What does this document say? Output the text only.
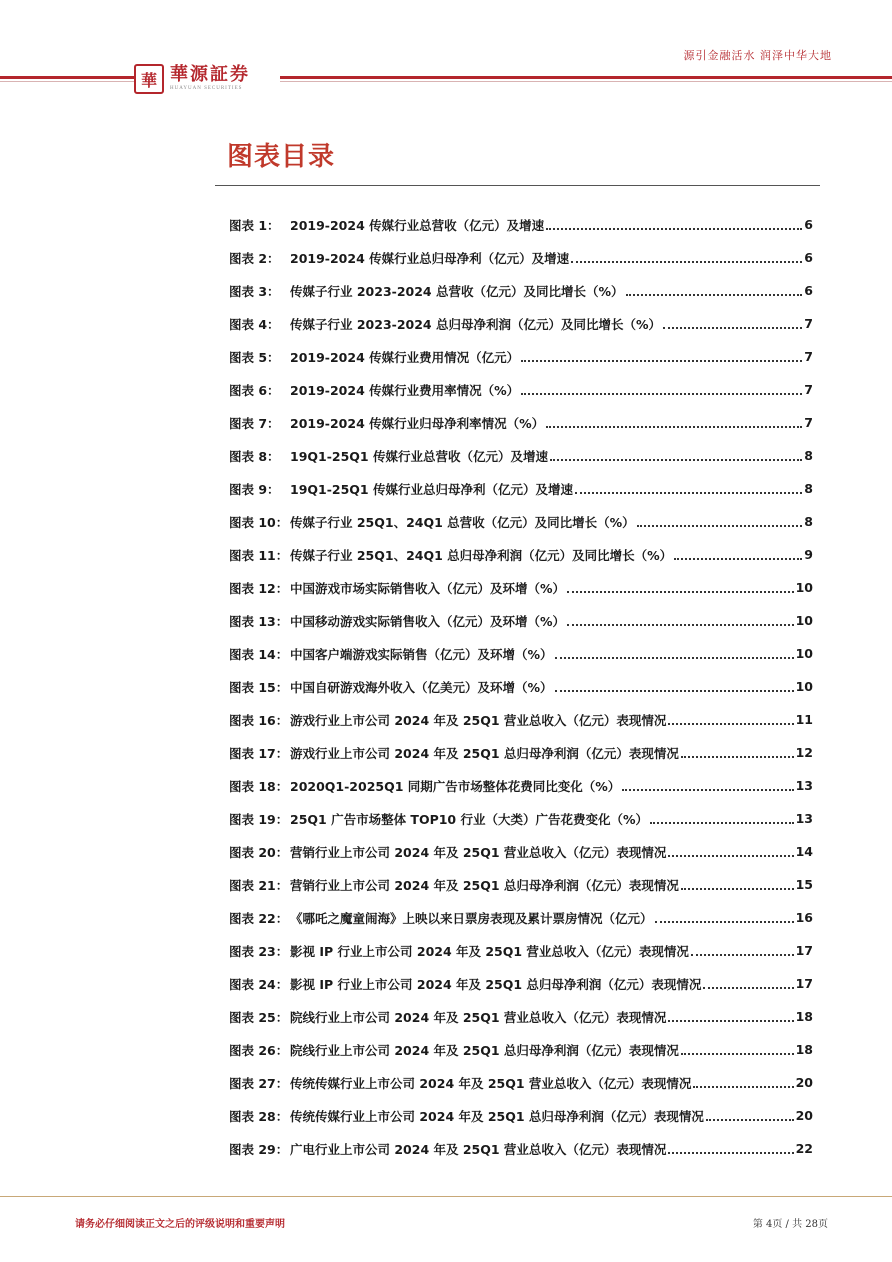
華 華源証券
HUAYUAN SECURITIES
源引金融活水 润泽中华大地
图表目录
图表 1： 2019-2024 传媒行业总营收（亿元）及增速	6
图表 2： 2019-2024 传媒行业总归母净利（亿元）及增速	6
图表 3： 传媒子行业 2023-2024 总营收（亿元）及同比增长（%）	6
图表 4： 传媒子行业 2023-2024 总归母净利润（亿元）及同比增长（%）	7
图表 5： 2019-2024 传媒行业费用情况（亿元）	7
图表 6： 2019-2024 传媒行业费用率情况（%）	7
图表 7： 2019-2024 传媒行业归母净利率情况（%）	7
图表 8： 19Q1-25Q1 传媒行业总营收（亿元）及增速	8
图表 9： 19Q1-25Q1 传媒行业总归母净利（亿元）及增速	8
图表 10： 传媒子行业 25Q1、24Q1 总营收（亿元）及同比增长（%）	8
图表 11： 传媒子行业 25Q1、24Q1 总归母净利润（亿元）及同比增长（%）	9
图表 12： 中国游戏市场实际销售收入（亿元）及环增（%）	10
图表 13： 中国移动游戏实际销售收入（亿元）及环增（%）	10
图表 14： 中国客户端游戏实际销售（亿元）及环增（%）	10
图表 15： 中国自研游戏海外收入（亿美元）及环增（%）	10
图表 16： 游戏行业上市公司 2024 年及 25Q1 营业总收入（亿元）表现情况	11
图表 17： 游戏行业上市公司 2024 年及 25Q1 总归母净利润（亿元）表现情况	12
图表 18： 2020Q1-2025Q1 同期广告市场整体花费同比变化（%）	13
图表 19： 25Q1 广告市场整体 TOP10 行业（大类）广告花费变化（%）	13
图表 20： 营销行业上市公司 2024 年及 25Q1 营业总收入（亿元）表现情况	14
图表 21： 营销行业上市公司 2024 年及 25Q1 总归母净利润（亿元）表现情况	15
图表 22： 《哪吒之魔童闹海》上映以来日票房表现及累计票房情况（亿元）	16
图表 23： 影视 IP 行业上市公司 2024 年及 25Q1 营业总收入（亿元）表现情况	17
图表 24： 影视 IP 行业上市公司 2024 年及 25Q1 总归母净利润（亿元）表现情况	17
图表 25： 院线行业上市公司 2024 年及 25Q1 营业总收入（亿元）表现情况	18
图表 26： 院线行业上市公司 2024 年及 25Q1 总归母净利润（亿元）表现情况	18
图表 27： 传统传媒行业上市公司 2024 年及 25Q1 营业总收入（亿元）表现情况	20
图表 28： 传统传媒行业上市公司 2024 年及 25Q1 总归母净利润（亿元）表现情况	20
图表 29： 广电行业上市公司 2024 年及 25Q1 营业总收入（亿元）表现情况	22
请务必仔细阅读正文之后的评级说明和重要声明	第 4页 / 共 28页
